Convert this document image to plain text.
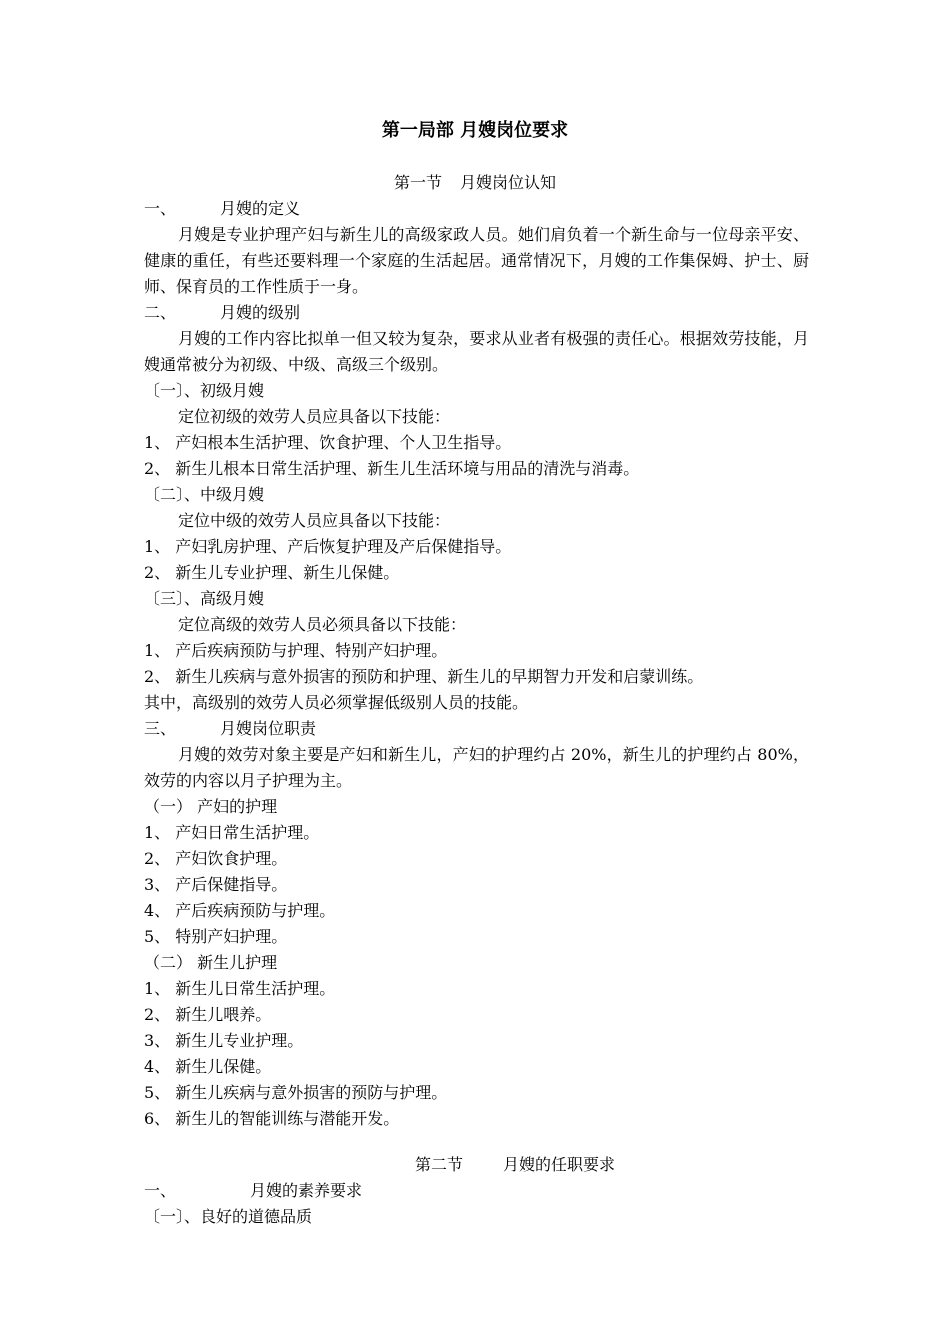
第一局部 月嫂岗位要求
第一节 月嫂岗位认知
一、	月嫂的定义
月嫂是专业护理产妇与新生儿的高级家政人员。她们肩负着一个新生命与一位母亲平安、健康的重任，有些还要料理一个家庭的生活起居。通常情况下，月嫂的工作集保姆、护士、厨师、保育员的工作性质于一身。
二、	月嫂的级别
月嫂的工作内容比拟单一但又较为复杂，要求从业者有极强的责任心。根据效劳技能，月嫂通常被分为初级、中级、高级三个级别。
〔一〕、初级月嫂
定位初级的效劳人员应具备以下技能：
1、 产妇根本生活护理、饮食护理、个人卫生指导。
2、 新生儿根本日常生活护理、新生儿生活环境与用品的清洗与消毒。
〔二〕、中级月嫂
定位中级的效劳人员应具备以下技能：
1、 产妇乳房护理、产后恢复护理及产后保健指导。
2、 新生儿专业护理、新生儿保健。
〔三〕、高级月嫂
定位高级的效劳人员必须具备以下技能：
1、 产后疾病预防与护理、特别产妇护理。
2、 新生儿疾病与意外损害的预防和护理、新生儿的早期智力开发和启蒙训练。
其中，高级别的效劳人员必须掌握低级别人员的技能。
三、	月嫂岗位职责
月嫂的效劳对象主要是产妇和新生儿，产妇的护理约占 20%，新生儿的护理约占 80%，效劳的内容以月子护理为主。
（一） 产妇的护理
1、 产妇日常生活护理。
2、 产妇饮食护理。
3、 产后保健指导。
4、 产后疾病预防与护理。
5、 特别产妇护理。
（二） 新生儿护理
1、 新生儿日常生活护理。
2、 新生儿喂养。
3、 新生儿专业护理。
4、 新生儿保健。
5、 新生儿疾病与意外损害的预防与护理。
6、 新生儿的智能训练与潜能开发。
第二节	月嫂的任职要求
一、	月嫂的素养要求
〔一〕、良好的道德品质
